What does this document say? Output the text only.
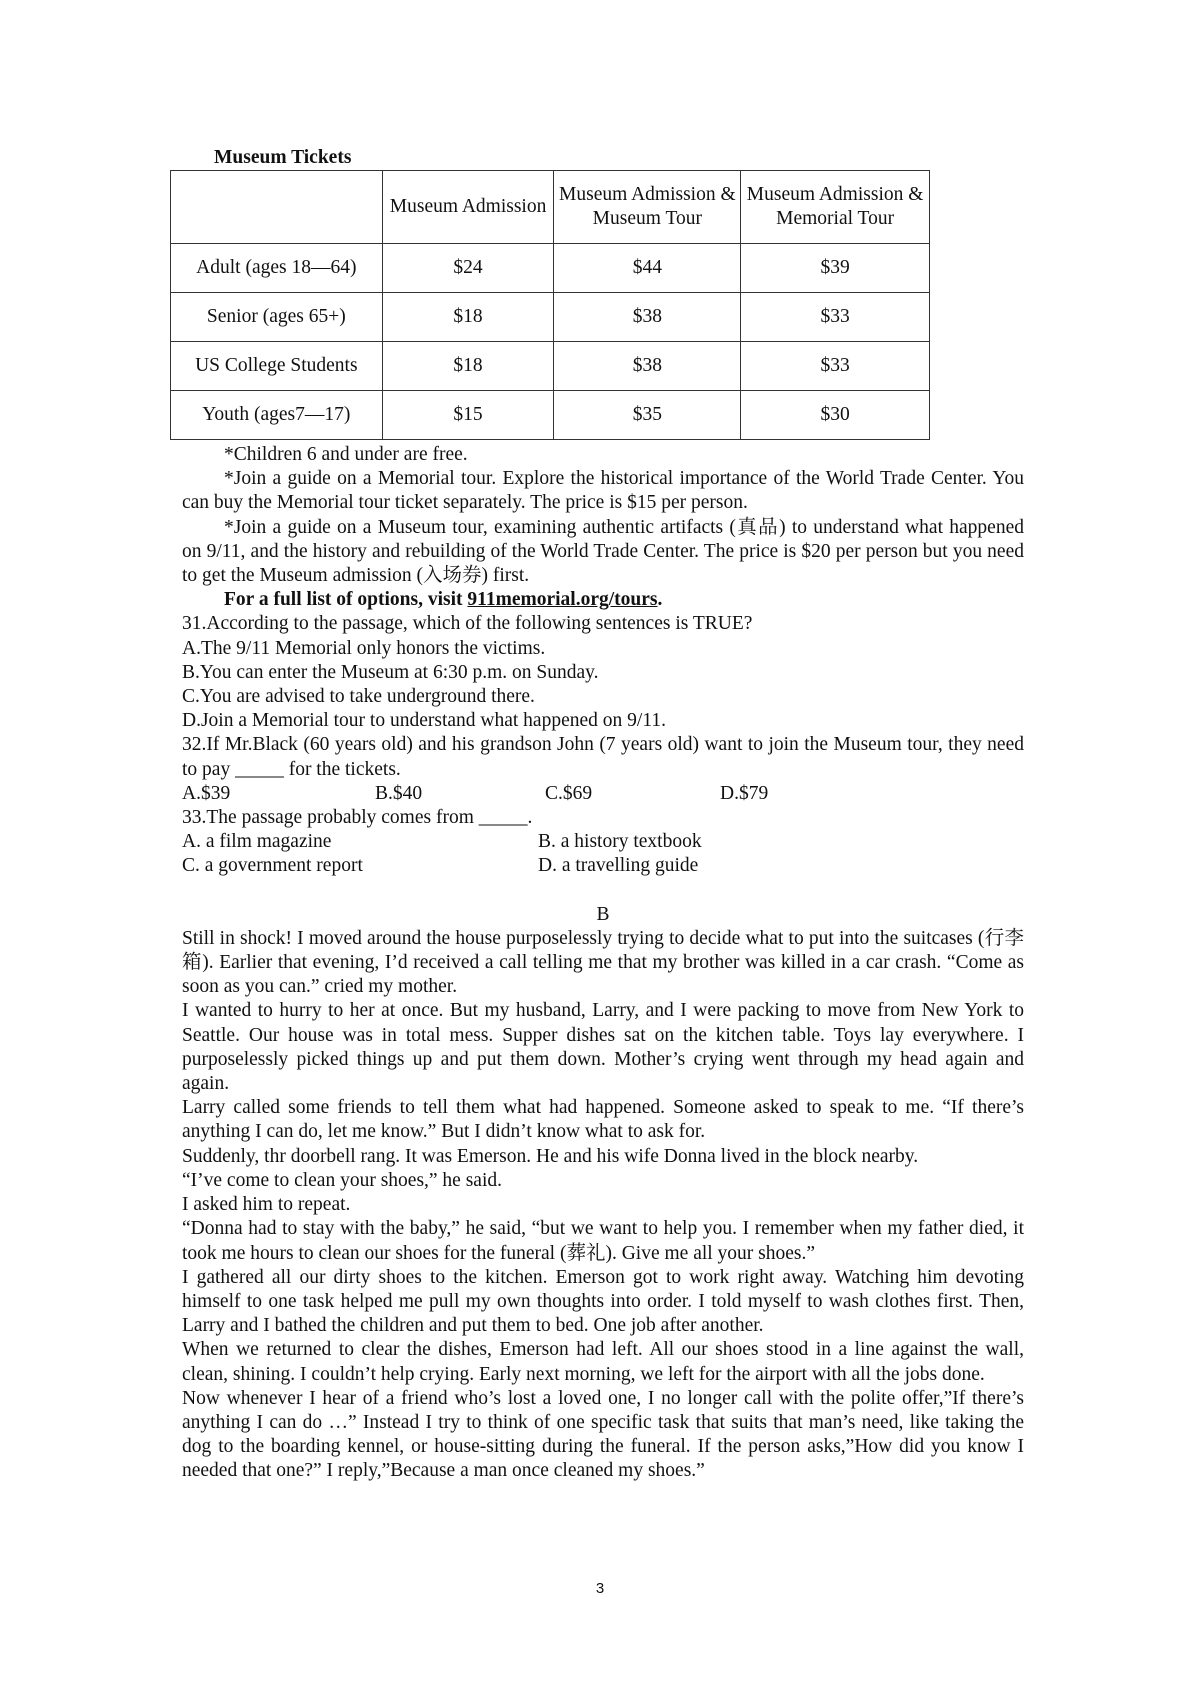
Museum Tickets

	Museum Admission	Museum Admission & Museum Tour	Museum Admission & Memorial Tour
Adult (ages 18—64)	$24	$44	$39
Senior (ages 65+)	$18	$38	$33
US College Students	$18	$38	$33
Youth (ages7—17)	$15	$35	$30

*Children 6 and under are free.

*Join a guide on a Memorial tour. Explore the historical importance of the World Trade Center. You can buy the Memorial tour ticket separately. The price is $15 per person.

*Join a guide on a Museum tour, examining authentic artifacts (真品) to understand what happened on 9/11, and the history and rebuilding of the World Trade Center. The price is $20 per person but you need to get the Museum admission (入场券) first.

For a full list of options, visit 911memorial.org/tours.

31.According to the passage, which of the following sentences is TRUE?

A.The 9/11 Memorial only honors the victims.

B.You can enter the Museum at 6:30 p.m. on Sunday.

C.You are advised to take underground there.

D.Join a Memorial tour to understand what happened on 9/11.

32.If Mr.Black (60 years old) and his grandson John (7 years old) want to join the Museum tour, they need to pay _____ for the tickets.

A.$39	B.$40	C.$69	D.$79

33.The passage probably comes from _____.

A. a film magazine	B. a history textbook

C. a government report	D. a travelling guide

B

Still in shock! I moved around the house purposelessly trying to decide what to put into the suitcases (行李箱). Earlier that evening, I’d received a call telling me that my brother was killed in a car crash. “Come as soon as you can.” cried my mother.

I wanted to hurry to her at once. But my husband, Larry, and I were packing to move from New York to Seattle. Our house was in total mess. Supper dishes sat on the kitchen table. Toys lay everywhere. I purposelessly picked things up and put them down. Mother’s crying went through my head again and again.

Larry called some friends to tell them what had happened. Someone asked to speak to me. “If there’s anything I can do, let me know.” But I didn’t know what to ask for.

Suddenly, thr doorbell rang. It was Emerson. He and his wife Donna lived in the block nearby.

“I’ve come to clean your shoes,” he said.

I asked him to repeat.

“Donna had to stay with the baby,” he said, “but we want to help you. I remember when my father died, it took me hours to clean our shoes for the funeral (葬礼). Give me all your shoes.”

I gathered all our dirty shoes to the kitchen. Emerson got to work right away. Watching him devoting himself to one task helped me pull my own thoughts into order. I told myself to wash clothes first. Then, Larry and I bathed the children and put them to bed. One job after another.

When we returned to clear the dishes, Emerson had left. All our shoes stood in a line against the wall, clean, shining. I couldn’t help crying. Early next morning, we left for the airport with all the jobs done.

Now whenever I hear of a friend who’s lost a loved one, I no longer call with the polite offer,”If there’s anything I can do …” Instead I try to think of one specific task that suits that man’s need, like taking the dog to the boarding kennel, or house-sitting during the funeral. If the person asks,”How did you know I needed that one?” I reply,”Because a man once cleaned my shoes.”

3
